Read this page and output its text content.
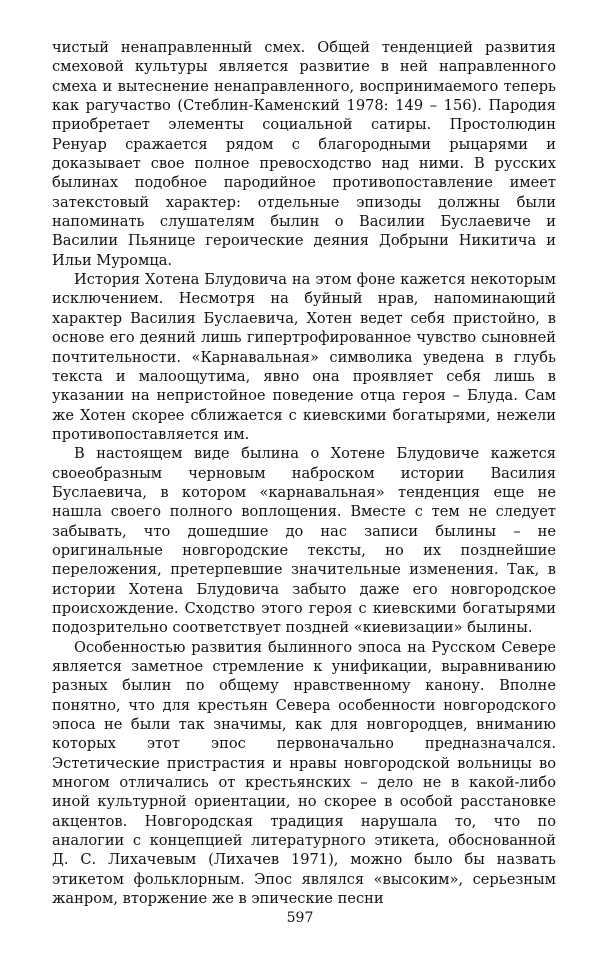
чистый ненаправленный смех. Общей тенденцией развития смеховой культуры является развитие в ней направленного смеха и вытеснение ненаправленного, воспринимаемого теперь как parучаство (Стеблин-Каменский 1978: 149 – 156). Пародия приобретает элементы социальной сатиры. Простолюдин Ренуар сражается рядом с благородными рыцарями и доказывает свое полное превосходство над ними. В русских былинах подобное пародийное противопоставление имеет затекстовый характер: отдельные эпизоды должны были напоминать слушателям былин о Василии Буслаевиче и Василии Пьянице героические деяния Добрыни Никитича и Ильи Муромца.

История Хотена Блудовича на этом фоне кажется некоторым исключением. Несмотря на буйный нрав, напоминающий характер Василия Буслаевича, Хотен ведет себя пристойно, в основе его деяний лишь гипертрофированное чувство сыновней почтительности. «Карнавальная» символика уведена в глубь текста и малоощутима, явно она проявляет себя лишь в указании на непристойное поведение отца героя – Блуда. Сам же Хотен скорее сближается с киевскими богатырями, нежели противопоставляется им.

В настоящем виде былина о Хотене Блудовиче кажется своеобразным черновым наброском истории Василия Буслаевича, в котором «карнавальная» тенденция еще не нашла своего полного воплощения. Вместе с тем не следует забывать, что дошедшие до нас записи былины – не оригинальные новгородские тексты, но их позднейшие переложения, претерпевшие значительные изменения. Так, в истории Хотена Блудовича забыто даже его новгородское происхождение. Сходство этого героя с киевскими богатырями подозрительно соответствует поздней «киевизации» былины.

Особенностью развития былинного эпоса на Русском Севере является заметное стремление к унификации, выравниванию разных былин по общему нравственному канону. Вполне понятно, что для крестьян Севера особенности новгородского эпоса не были так значимы, как для новгородцев, вниманию которых этот эпос первоначально предназначался. Эстетические пристрастия и нравы новгородской вольницы во многом отличались от крестьянских – дело не в какой-либо иной культурной ориентации, но скорее в особой расстановке акцентов. Новгородская традиция нарушала то, что по аналогии с концепцией литературного этикета, обоснованной Д. С. Лихачевым (Лихачев 1971), можно было бы назвать этикетом фольклорным. Эпос являлся «высоким», серьезным жанром, вторжение же в эпические песни

597
